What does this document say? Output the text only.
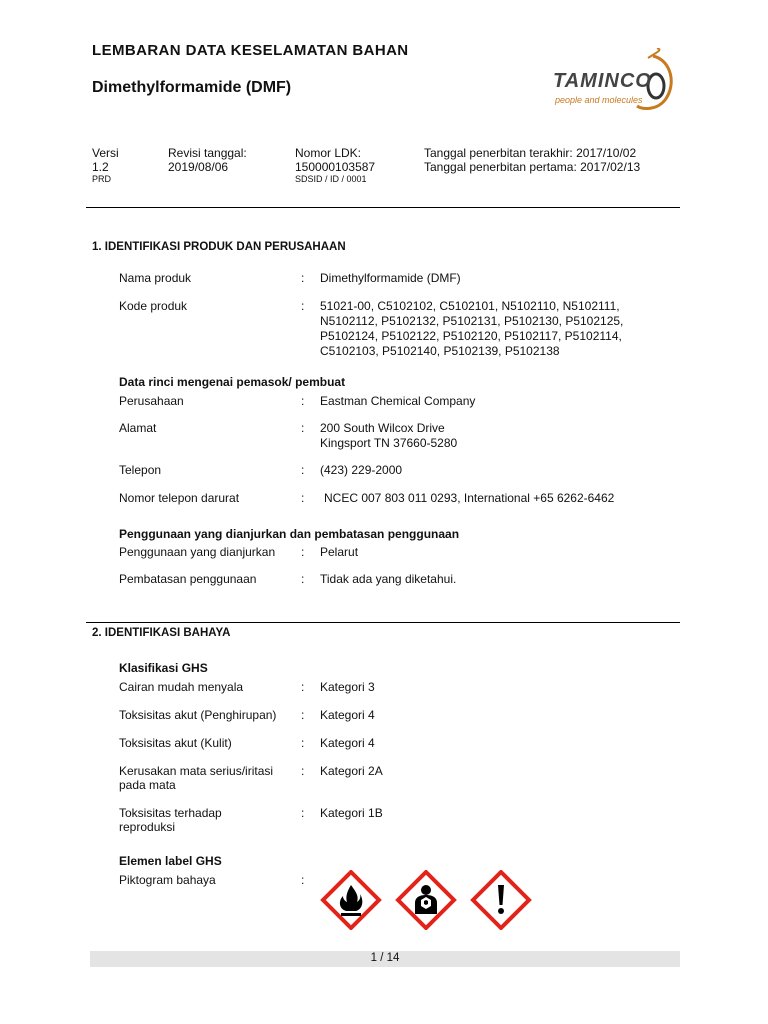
LEMBARAN DATA KESELAMATAN BAHAN
Dimethylformamide (DMF)	TAMINCO
people and molecules
Versi
1.2
PRD
Revisi tanggal:
2019/08/06
Nomor LDK:
150000103587
SDSID / ID / 0001
Tanggal penerbitan terakhir: 2017/10/02
Tanggal penerbitan pertama: 2017/02/13
1. IDENTIFIKASI PRODUK DAN PERUSAHAAN
Nama produk	: Dimethylformamide (DMF)
Kode produk	: 51021-00, C5102102, C5102101, N5102110, N5102111,
N5102112, P5102132, P5102131, P5102130, P5102125,
P5102124, P5102122, P5102120, P5102117, P5102114,
C5102103, P5102140, P5102139, P5102138
Data rinci mengenai pemasok/ pembuat
Perusahaan	: Eastman Chemical Company
Alamat	: 200 South Wilcox Drive
Kingsport TN 37660-5280
Telepon	: (423) 229-2000
Nomor telepon darurat	: NCEC 007 803 011 0293, International +65 6262-6462
Penggunaan yang dianjurkan dan pembatasan penggunaan
Penggunaan yang dianjurkan : Pelarut
Pembatasan penggunaan	: Tidak ada yang diketahui.
2. IDENTIFIKASI BAHAYA
Klasifikasi GHS
Cairan mudah menyala	: Kategori 3
Toksisitas akut (Penghirupan) : Kategori 4
Toksisitas akut (Kulit)	: Kategori 4
Kerusakan mata serius/iritasi
pada mata
: Kategori 2A
Toksisitas terhadap
reproduksi
: Kategori 1B
Elemen label GHS
Piktogram bahaya	:
1 / 14
